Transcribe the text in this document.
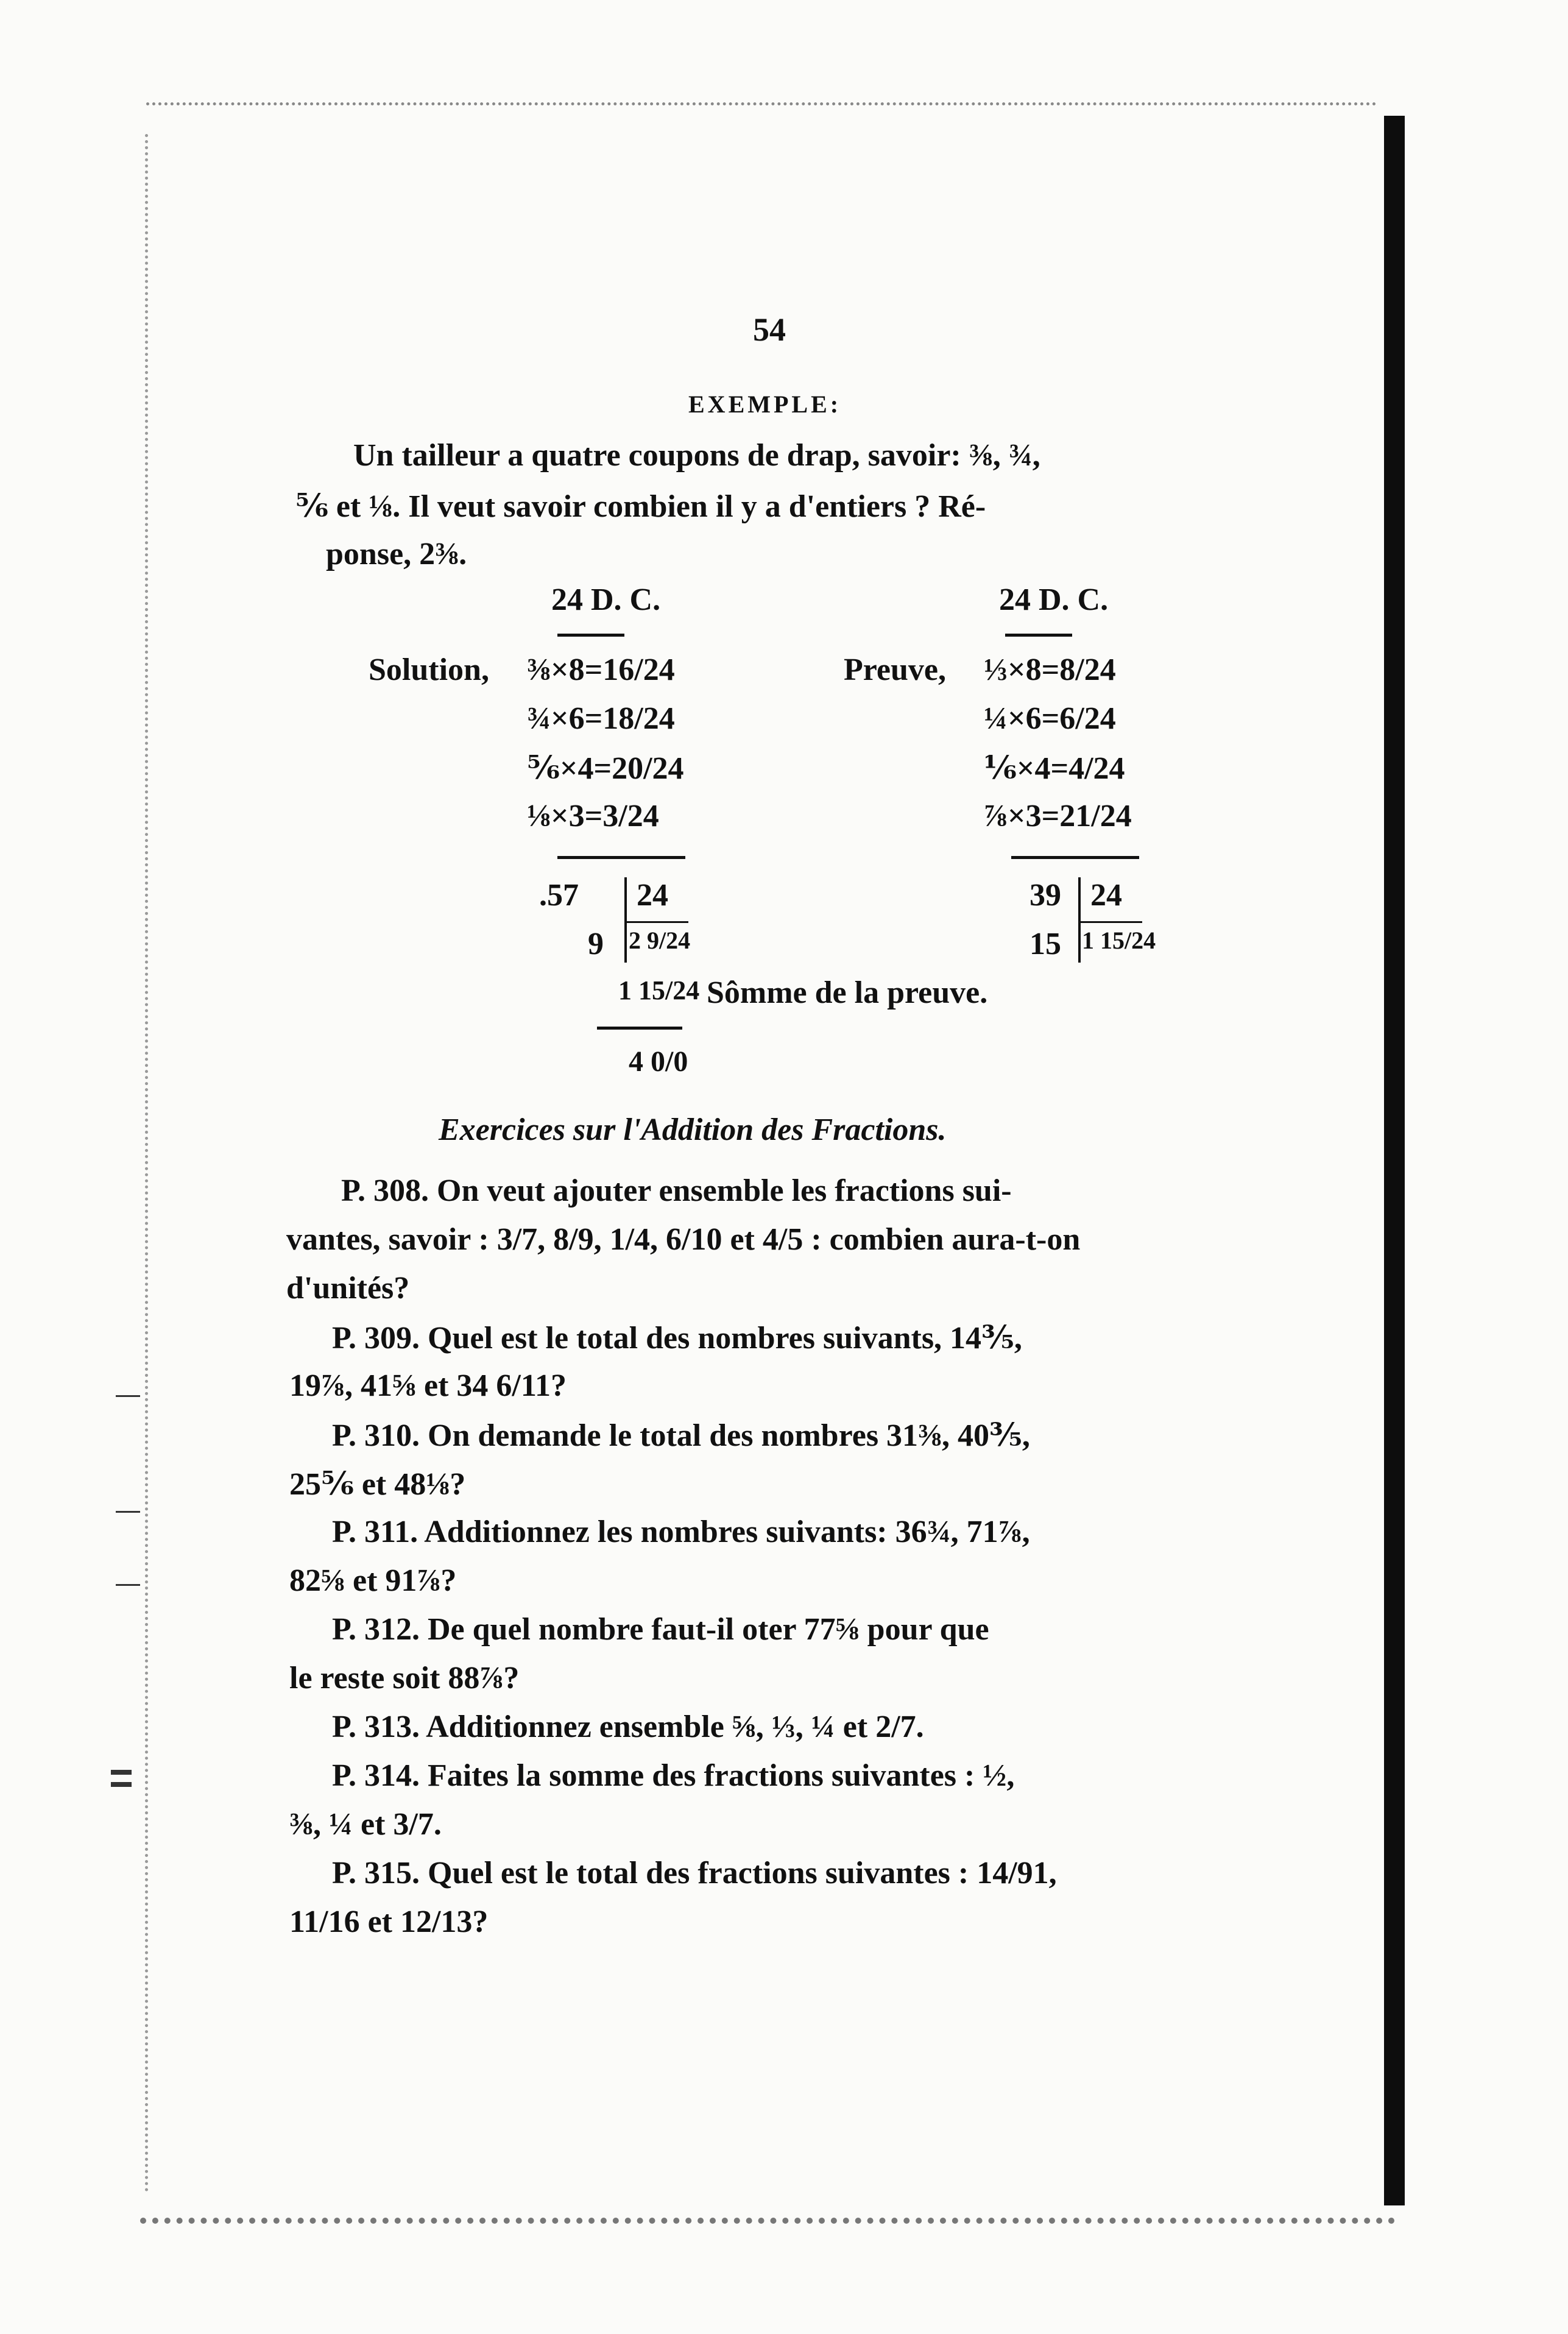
54
EXEMPLE:
Un tailleur a quatre coupons de drap, savoir: ⅜, ¾,
⅚ et ⅛. Il veut savoir combien il y a d'entiers ? Ré-
ponse, 2⅜.
24 D. C.
Solution, ⅜×8=16/24
¾×6=18/24
⅚×4=20/24
⅛×3=3/24
.57 24
9 2 9/24
1 15/24
4 0/0
24 D. C.
Preuve, ⅓×8=8/24
¼×6=6/24
⅙×4=4/24
⅞×3=21/24
39 24
15 1 15/24
Sômme de la preuve.
Exercices sur l'Addition des Fractions.
P. 308. On veut ajouter ensemble les fractions sui-
vantes, savoir : 3/7, 8/9, 1/4, 6/10 et 4/5 : combien aura-t-on
d'unités?
P. 309. Quel est le total des nombres suivants, 14⅗,
19⅞, 41⅝ et 34 6/11?
P. 310. On demande le total des nombres 31⅜, 40⅗,
25⅚ et 48⅛?
P. 311. Additionnez les nombres suivants: 36¾, 71⅞,
82⅝ et 91⅞?
P. 312. De quel nombre faut-il oter 77⅝ pour que
le reste soit 88⅞?
P. 313. Additionnez ensemble ⅝, ⅓, ¼ et 2/7.
P. 314. Faites la somme des fractions suivantes : ½,
⅜, ¼ et 3/7.
P. 315. Quel est le total des fractions suivantes : 14/91,
11/16 et 12/13?
